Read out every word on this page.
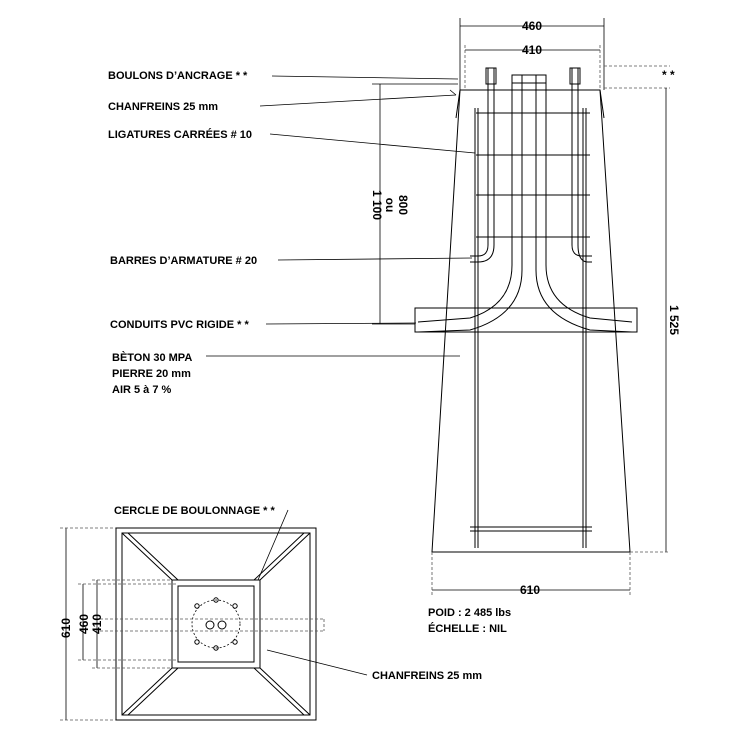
460
410
* *
1 525
800
ou
1 100
610
BOULONS D’ANCRAGE * *
CHANFREINS 25 mm
LIGATURES CARRÉES # 10
BARRES D’ARMATURE # 20
CONDUITS PVC RIGIDE * *
BÈTON 30 MPA
PIERRE 20 mm
AIR 5 à 7 %
CERCLE DE BOULONNAGE * *
CHANFREINS 25 mm
POID : 2 485 lbs
ÉCHELLE : NIL
610 460 410
